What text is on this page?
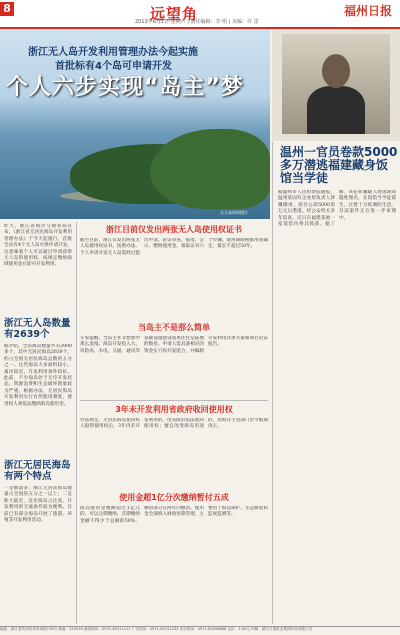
8	远望角
2013年6月1日 星期六 | 责任编辑：李 明 | 美编：许 雷
福州日报
浙江无人岛开发利用管理办法今起实施
首批标有4个岛可申请开发
个人六步实现“岛主”梦
无人岛资料图片
昨天，浙江省海洋与渔业局宣布，《浙江省无居民海岛开发利用管理办法》于今天起施行。首批全省有4个无人岛可供申请开发。这意味着个人可以通过申请获得无人岛的使用权，按规定缴纳海域使用金后即可开发利用。
浙江无人岛数量有2639个
据介绍，全省海岛数量共有3000多个，其中无居民海岛2639个，约占全国无居民海岛总数的五分之一。这些海岛大多面积较小、离岸较近，开发利用条件较好。此前，不少海岛处于无序开发状态，资源浪费和生态破坏现象较为严重。根据办法，无居民海岛开发利用实行有偿使用制度，使用权人须依法缴纳海岛使用金。
浙江无居民海岛有两个特点
一是数量多，浙江无居民海岛数量占全国的五分之一以上；二是距大陆近，近岸海岛占比高，开发利用的交通条件较为便利。目前已有部分海岛开展了旅游、养殖等开发利用活动。
浙江目前仅发出两张无人岛使用权证书
截至目前，浙江仅发出两张无人岛使用权证书。按照办法，个人申请开发无人岛需经过提出申请、论证审查、报批、公示、缴纳使用金、领取证书六个步骤。使用期限根据用途确定，最长不超过50年。
当岛主不是那么简单
专家提醒，当岛主并非想象中那么浪漫。海岛开发投入大、风险高，水电、交通、通讯等基础设施建设成本往往是陆地的数倍。申请人需具备相应的资金实力和开发能力，并编制开发利用具体方案和项目论证报告。
3年未开发利用省政府收回使用权
办法规定，无居民海岛使用权人取得使用权后，3年内未开发利用的，由省政府依法收回使用权；擅自改变海岛用途的，由海洋主管部门责令限期改正。
使用金超1亿分次缴纳暂付五成
海岛使用金数额超过1亿元的，可以分期缴纳，首期缴纳金额不得少于总额的50%，剩余部分在两年内缴清。使用金全部纳入财政预算管理，主要用于海岛保护、生态修复和监视监测等。
温州一官员卷款5000多万潜逃福建藏身饭馆当学徒
据温州市人民检察院通报，温州某国有企业原负责人涉嫌挪用、侵吞公款5000余万元后潜逃。经公安机关多年追查，近日在福建某地一家饭馆内将其抓获。据了解，该犯罪嫌疑人潜逃期间隐姓埋名，在饭馆当学徒谋生，过着十分低调的生活。目前案件正在进一步审理中。
地址：浙江省杭州市体育场路178号 邮编：310039 新闻热线：0571-85311111 广告热线：0571-85311234 发行热线：0571-85098888 定价：1.00元 印刷：浙江日报报业集团印务有限公司
